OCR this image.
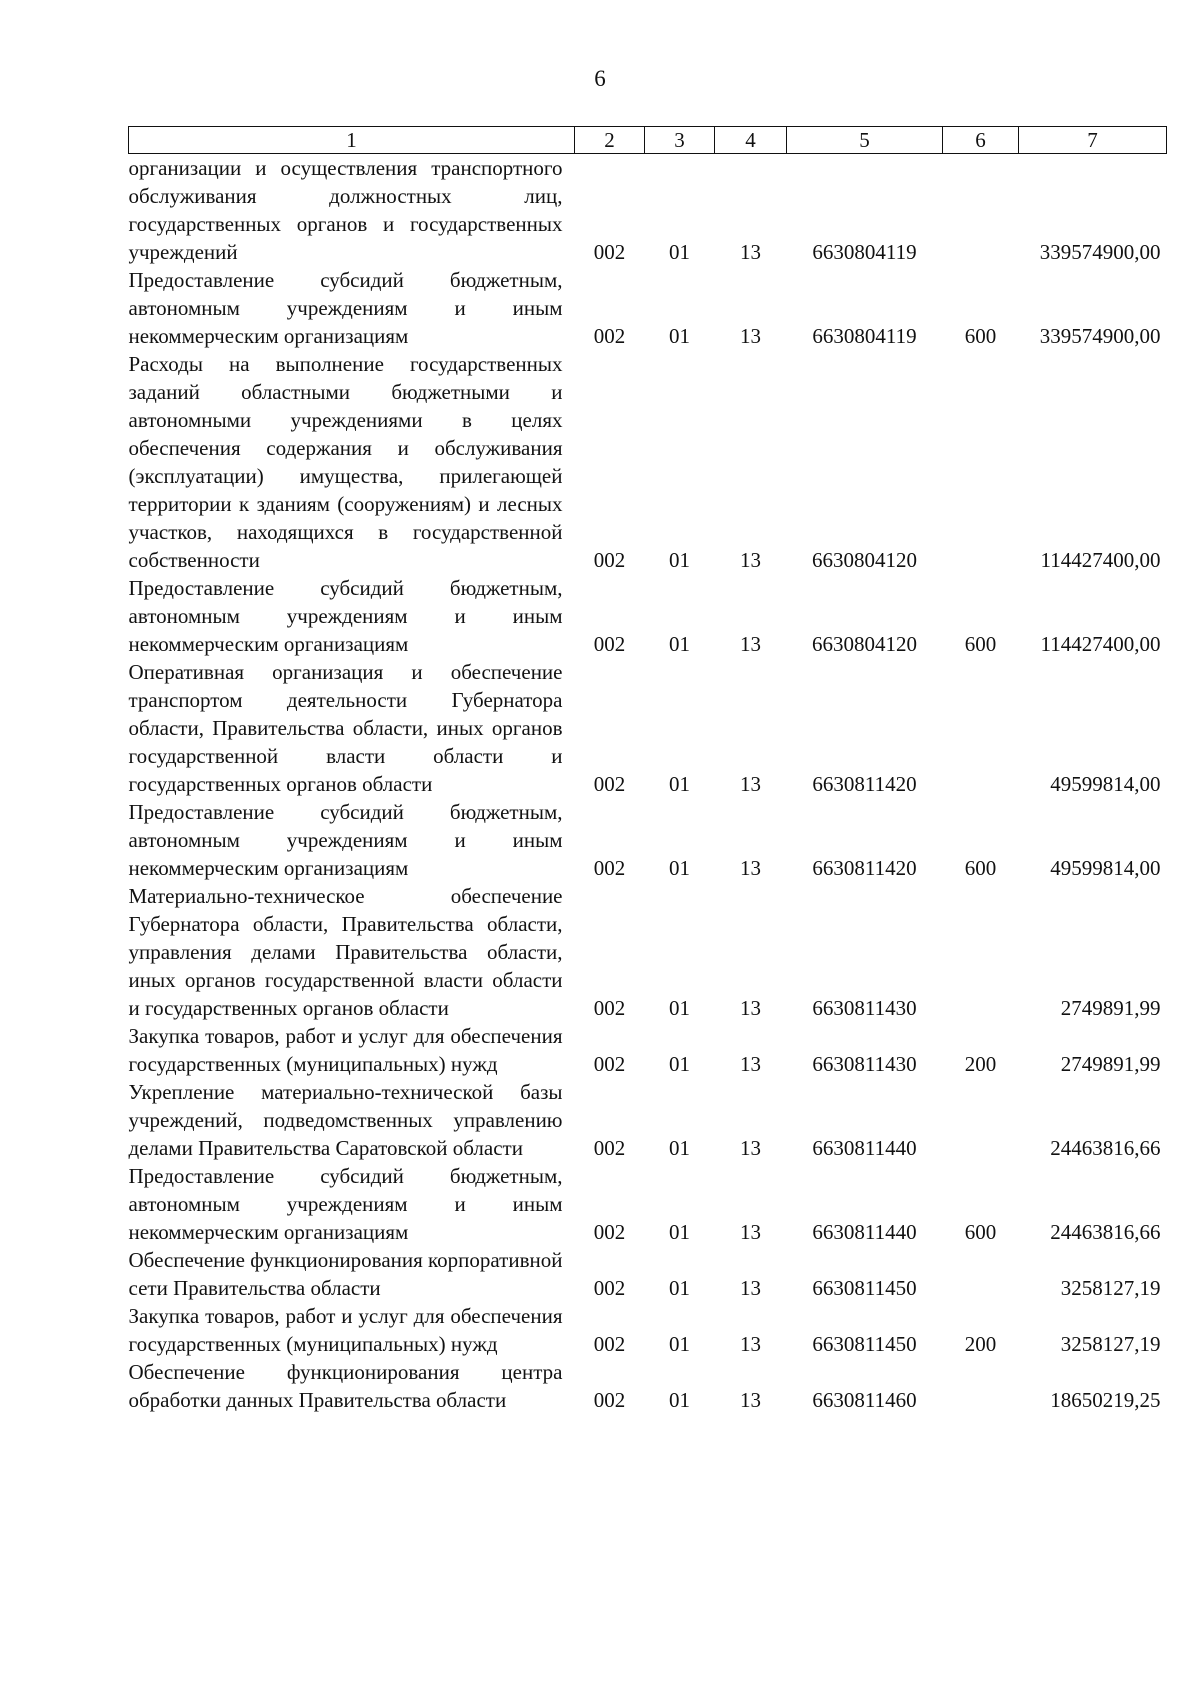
6
1	2	3	4	5	6	7
организации и осуществления транспортного обслуживания должностных лиц, государственных органов и государственных учреждений	002	01	13	6630804119		339574900,00
Предоставление субсидий бюджетным, автономным учреждениям и иным некоммерческим организациям	002	01	13	6630804119	600	339574900,00
Расходы на выполнение государственных заданий областными бюджетными и автономными учреждениями в целях обеспечения содержания и обслуживания (эксплуатации) имущества, прилегающей территории к зданиям (сооружениям) и лесных участков, находящихся в государственной собственности	002	01	13	6630804120		114427400,00
Предоставление субсидий бюджетным, автономным учреждениям и иным некоммерческим организациям	002	01	13	6630804120	600	114427400,00
Оперативная организация и обеспечение транспортом деятельности Губернатора области, Правительства области, иных органов государственной власти области и государственных органов области	002	01	13	6630811420		49599814,00
Предоставление субсидий бюджетным, автономным учреждениям и иным некоммерческим организациям	002	01	13	6630811420	600	49599814,00
Материально-техническое обеспечение Губернатора области, Правительства области, управления делами Правительства области, иных органов государственной власти области и государственных органов области	002	01	13	6630811430		2749891,99
Закупка товаров, работ и услуг для обеспечения государственных (муниципальных) нужд	002	01	13	6630811430	200	2749891,99
Укрепление материально-технической базы учреждений, подведомственных управлению делами Правительства Саратовской области	002	01	13	6630811440		24463816,66
Предоставление субсидий бюджетным, автономным учреждениям и иным некоммерческим организациям	002	01	13	6630811440	600	24463816,66
Обеспечение функционирования корпоративной сети Правительства области	002	01	13	6630811450		3258127,19
Закупка товаров, работ и услуг для обеспечения государственных (муниципальных) нужд	002	01	13	6630811450	200	3258127,19
Обеспечение функционирования центра обработки данных Правительства области	002	01	13	6630811460		18650219,25
